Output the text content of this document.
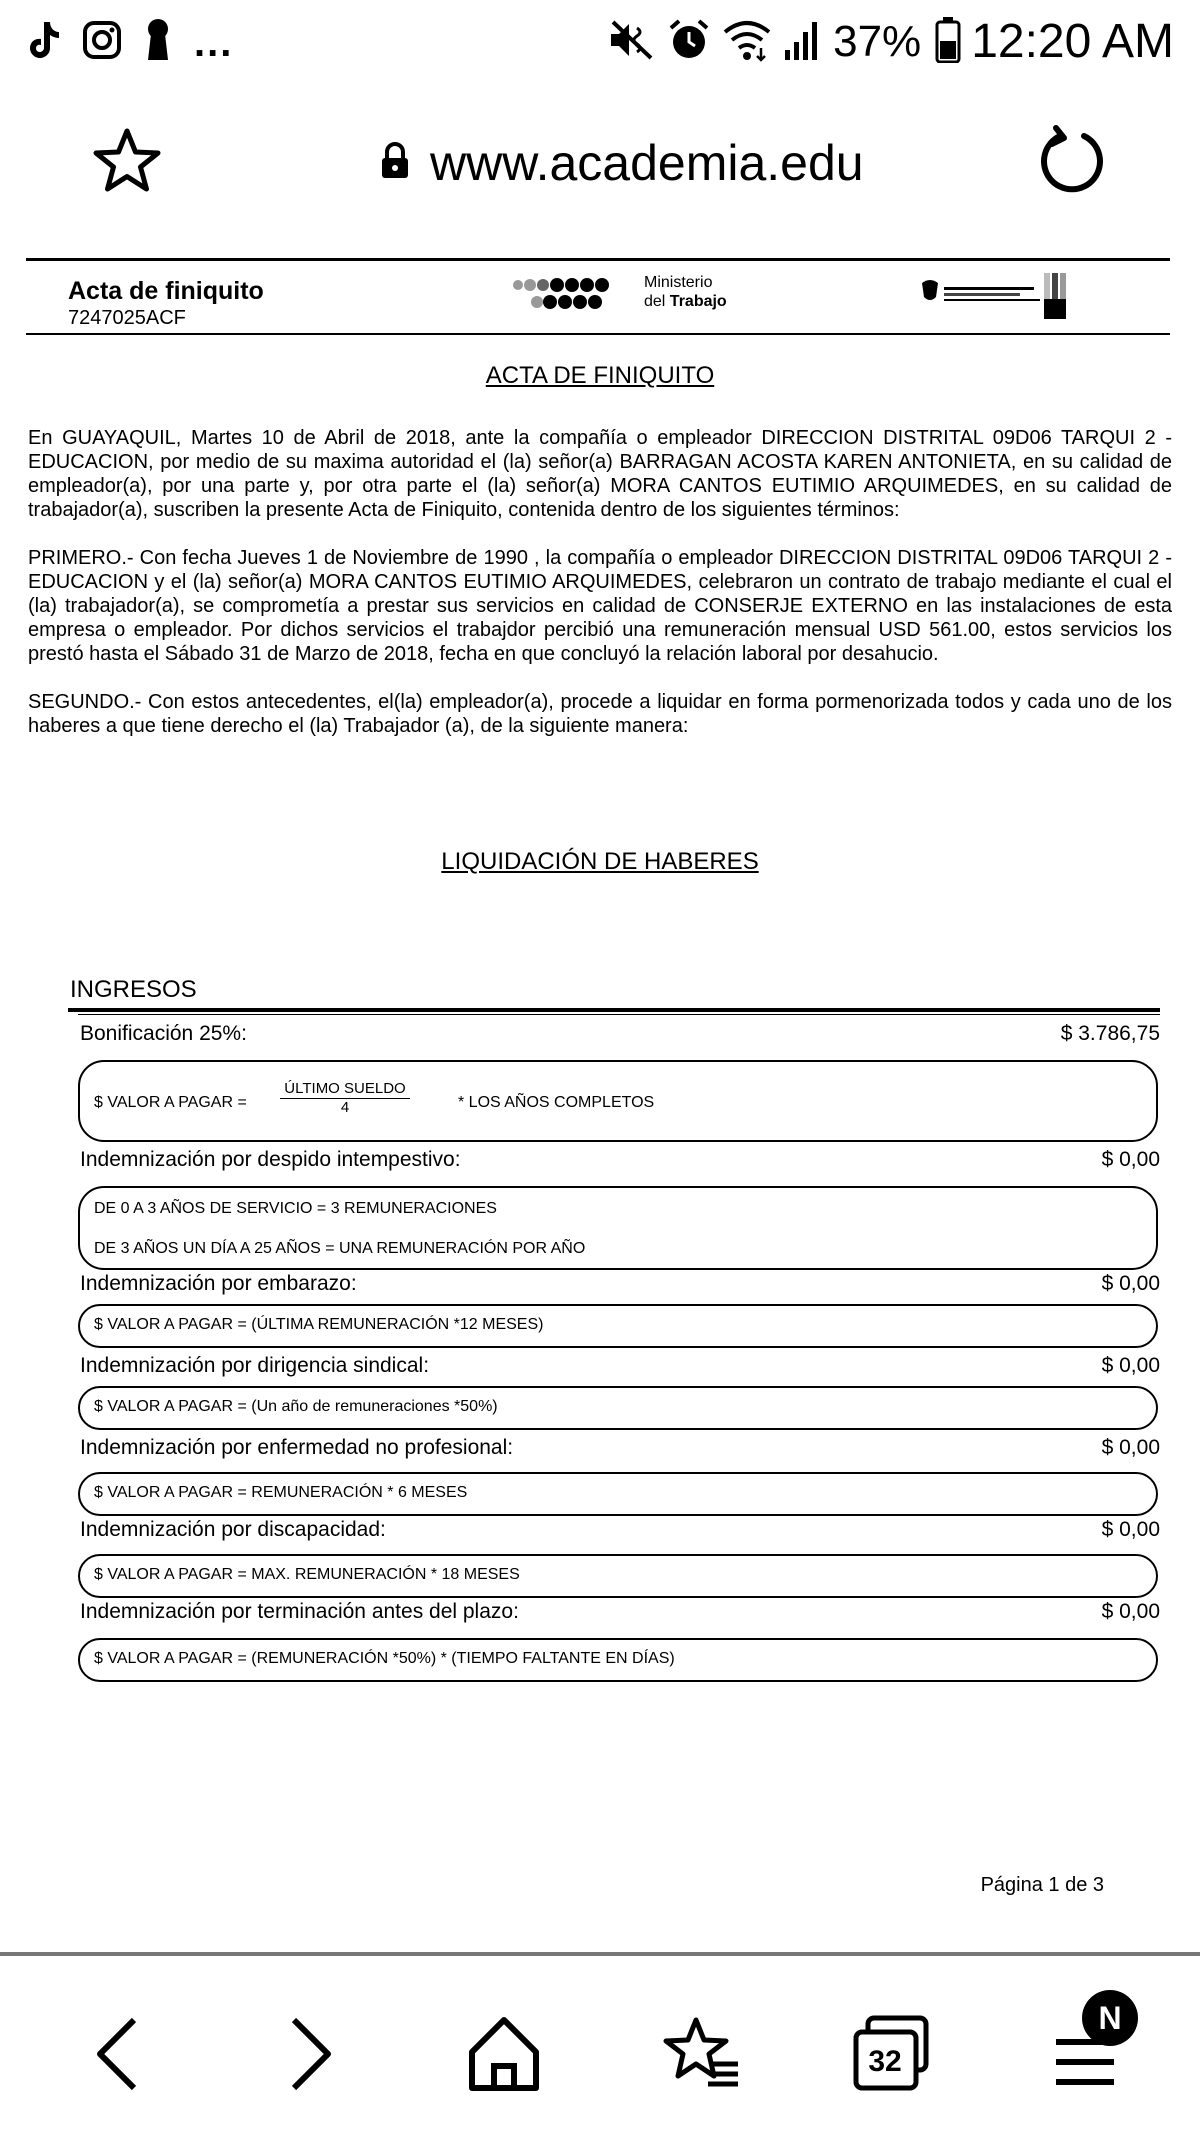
...	37% 12:20 AM
www.academia.edu
Acta de finiquito
7247025ACF
Ministerio
del Trabajo
ACTA DE FINIQUITO
En GUAYAQUIL, Martes 10 de Abril de 2018, ante la compañía o empleador DIRECCION DISTRITAL 09D06 TARQUI 2 - EDUCACION, por medio de su maxima autoridad el (la) señor(a) BARRAGAN ACOSTA KAREN ANTONIETA, en su calidad de empleador(a), por una parte y, por otra parte el (la) señor(a) MORA CANTOS EUTIMIO ARQUIMEDES, en su calidad de trabajador(a), suscriben la presente Acta de Finiquito, contenida dentro de los siguientes términos:
PRIMERO.- Con fecha Jueves 1 de Noviembre de 1990 , la compañía o empleador DIRECCION DISTRITAL 09D06 TARQUI 2 - EDUCACION y el (la) señor(a) MORA CANTOS EUTIMIO ARQUIMEDES, celebraron un contrato de trabajo mediante el cual el (la) trabajador(a), se comprometía a prestar sus servicios en calidad de CONSERJE EXTERNO en las instalaciones de esta empresa o empleador. Por dichos servicios el trabajdor percibió una remuneración mensual USD 561.00, estos servicios los prestó hasta el Sábado 31 de Marzo de 2018, fecha en que concluyó la relación laboral por desahucio.
SEGUNDO.- Con estos antecedentes, el(la) empleador(a), procede a liquidar en forma pormenorizada todos y cada uno de los haberes a que tiene derecho el (la) Trabajador (a), de la siguiente manera:
LIQUIDACIÓN DE HABERES
INGRESOS
Bonificación 25%:	$ 3.786,75
$ VALOR A PAGAR =
ÚLTIMO SUELDO
4	* LOS AÑOS COMPLETOS
Indemnización por despido intempestivo:	$ 0,00
DE 0 A 3 AÑOS DE SERVICIO = 3 REMUNERACIONES
DE 3 AÑOS UN DÍA A 25 AÑOS = UNA REMUNERACIÓN POR AÑO
Indemnización por embarazo:	$ 0,00
$ VALOR A PAGAR = (ÚLTIMA REMUNERACIÓN *12 MESES)
Indemnización por dirigencia sindical:	$ 0,00
$ VALOR A PAGAR = (Un año de remuneraciones *50%)
Indemnización por enfermedad no profesional:	$ 0,00
$ VALOR A PAGAR = REMUNERACIÓN * 6 MESES
Indemnización por discapacidad:	$ 0,00
$ VALOR A PAGAR = MAX. REMUNERACIÓN * 18 MESES
Indemnización por terminación antes del plazo:	$ 0,00
$ VALOR A PAGAR = (REMUNERACIÓN *50%) * (TIEMPO FALTANTE EN DÍAS)
Página 1 de 3
32
N
